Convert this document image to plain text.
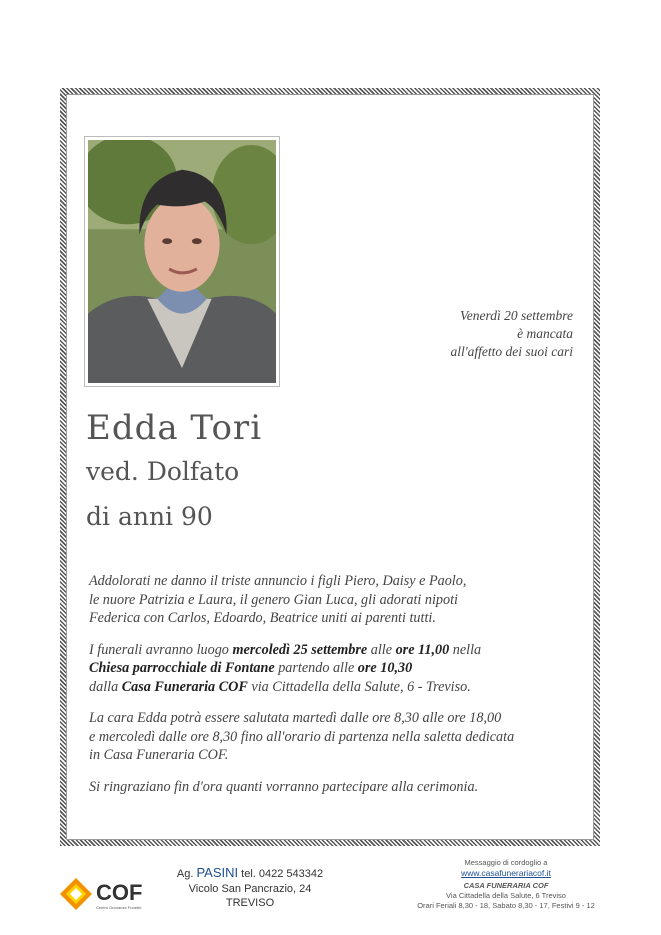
Venerdì 20 settembre
è mancata
all'affetto dei suoi cari
Edda Tori
ved. Dolfato
di anni 90

Addolorati ne danno il triste annuncio i figli Piero, Daisy e Paolo,
le nuore Patrizia e Laura, il genero Gian Luca, gli adorati nipoti
Federica con Carlos, Edoardo, Beatrice uniti ai parenti tutti.

I funerali avranno luogo mercoledì 25 settembre alle ore 11,00 nella
Chiesa parrocchiale di Fontane partendo alle ore 10,30
dalla Casa Funeraria COF via Cittadella della Salute, 6 - Treviso.

La cara Edda potrà essere salutata martedì dalle ore 8,30 alle ore 18,00
e mercoledì dalle ore 8,30 fino all'orario di partenza nella saletta dedicata
in Casa Funeraria COF.

Si ringraziano fin d'ora quanti vorranno partecipare alla cerimonia.

COF
Centro Onoranze Funebri
Ag. PASINI tel. 0422 543342
Vicolo San Pancrazio, 24
TREVISO
Messaggio di cordoglio a
www.casafunerariacof.it
CASA FUNERARIA COF
Via Cittadella della Salute, 6 Treviso
Orari Feriali 8,30 - 18, Sabato 8,30 - 17, Festivi 9 - 12
